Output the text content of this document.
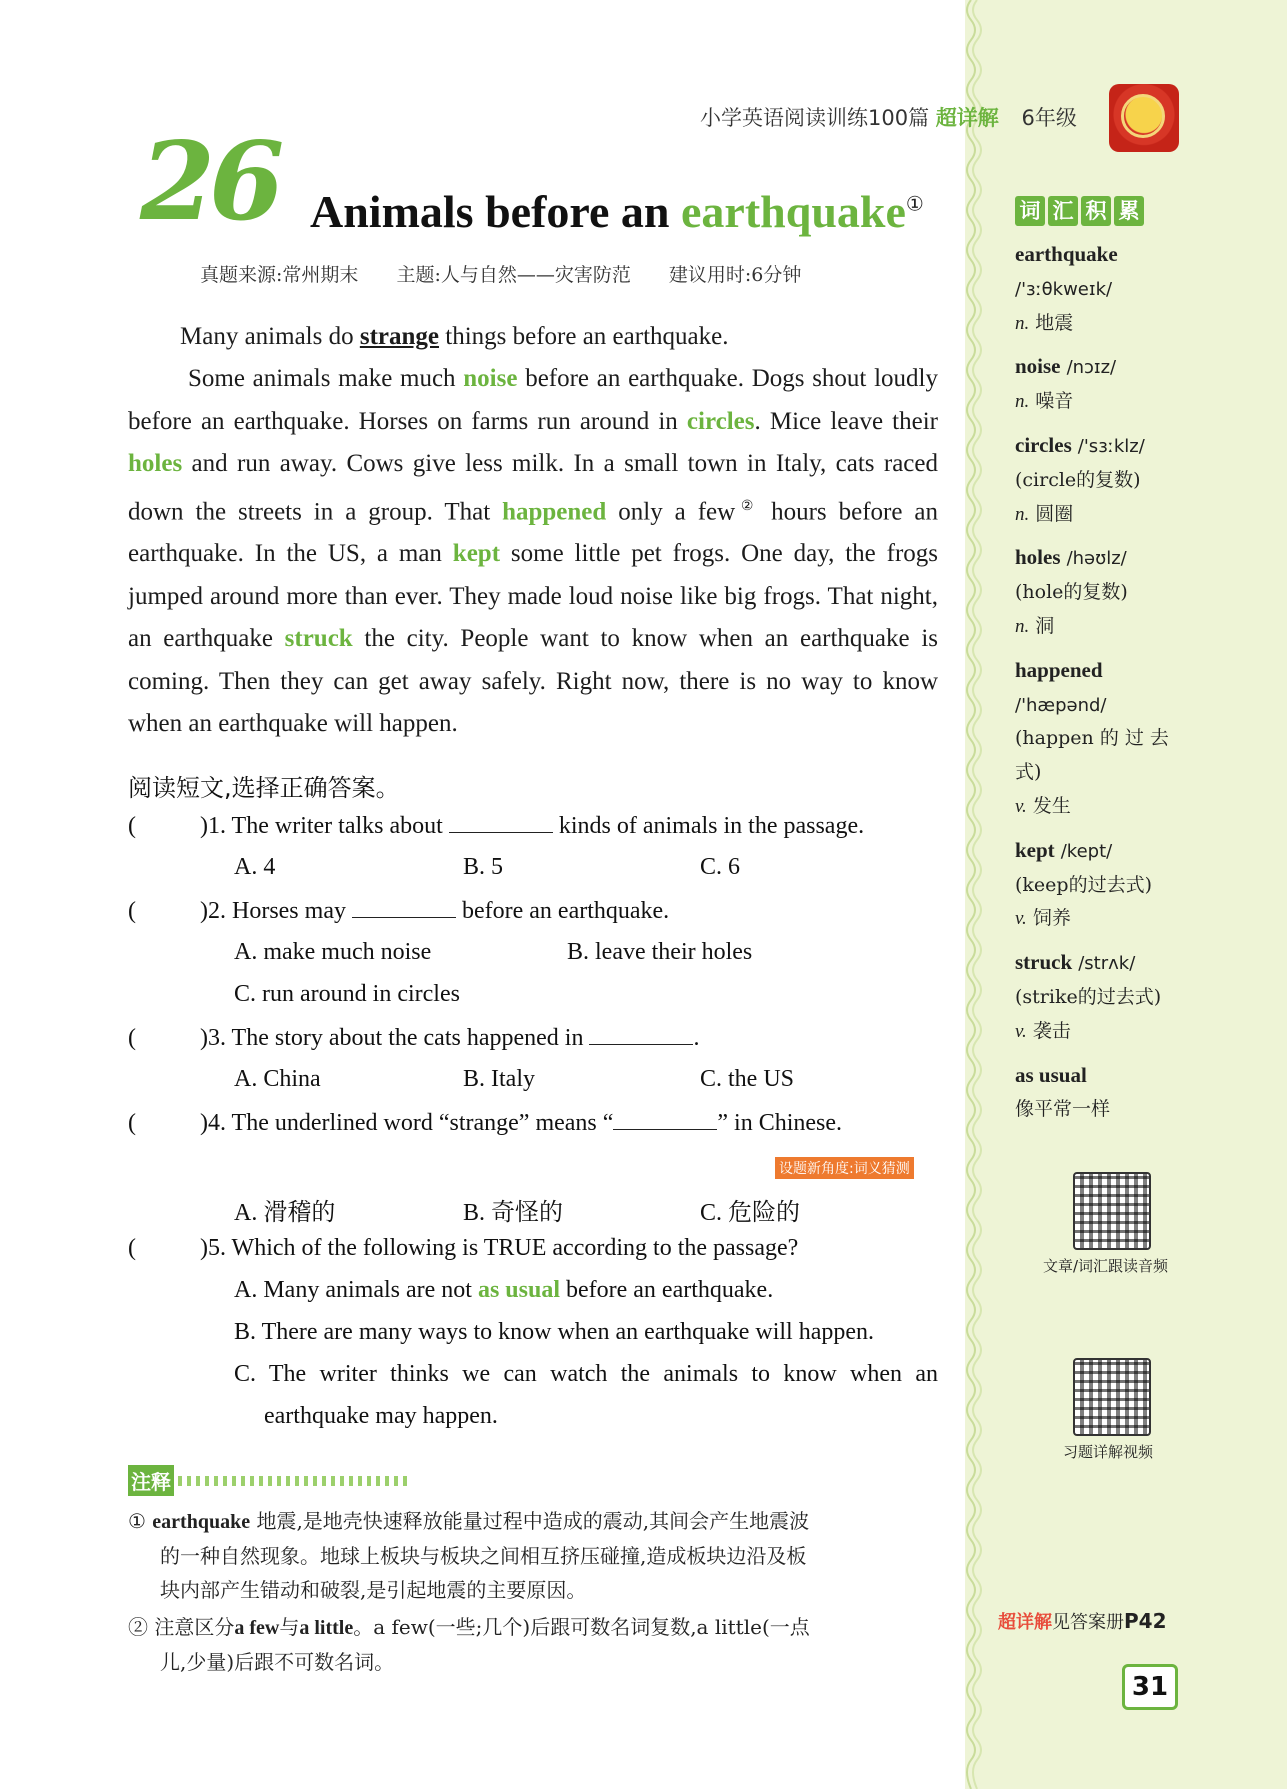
小学英语阅读训练100篇 超详解 6年级
26 Animals before an earthquake①
真题来源:常州期末 主题:人与自然——灾害防范 建议用时:6分钟

Many animals do strange things before an earthquake.

Some animals make much noise before an earthquake. Dogs shout loudly before an earthquake. Horses on farms run around in circles. Mice leave their holes and run away. Cows give less milk. In a small town in Italy, cats raced down the streets in a group. That happened only a few② hours before an earthquake. In the US, a man kept some little pet frogs. One day, the frogs jumped around more than ever. They made loud noise like big frogs. That night, an earthquake struck the city. People want to know when an earthquake is coming. Then they can get away safely. Right now, there is no way to know when an earthquake will happen.

阅读短文,选择正确答案。
(	)1. The writer talks about	kinds of animals in the passage.
A. 4	B. 5	C. 6
(	)2. Horses may	before an earthquake.
A. make much noise	B. leave their holes
C. run around in circles
(	)3. The story about the cats happened in	.
A. China	B. Italy	C. the US
(	)4. The underlined word “strange” means “	” in Chinese.
设题新角度:词义猜测
A. 滑稽的	B. 奇怪的	C. 危险的
(	)5. Which of the following is TRUE according to the passage?
A. Many animals are not as usual before an earthquake.
B. There are many ways to know when an earthquake will happen.
C. The writer thinks we can watch the animals to know when an
earthquake may happen.
注释
① earthquake 地震,是地壳快速释放能量过程中造成的震动,其间会产生地震波
的一种自然现象。地球上板块与板块之间相互挤压碰撞,造成板块边沿及板
块内部产生错动和破裂,是引起地震的主要原因。
② 注意区分a few与a little。a few(一些;几个)后跟可数名词复数,a little(一点
儿,少量)后跟不可数名词。
词 汇 积 累
earthquake
/'ɜːθkweɪk/
n. 地震
noise /nɔɪz/
n. 噪音
circles /'sɜːklz/
(circle的复数)
n. 圆圈
holes /həʊlz/
(hole的复数)
n. 洞
happened
/'hæpənd/
(happen 的 过 去 式)
v. 发生
kept /kept/
(keep的过去式)
v. 饲养
struck /strʌk/
(strike的过去式)
v. 袭击
as usual
像平常一样
文章/词汇跟读音频
习题详解视频
超详解见答案册P42
31
